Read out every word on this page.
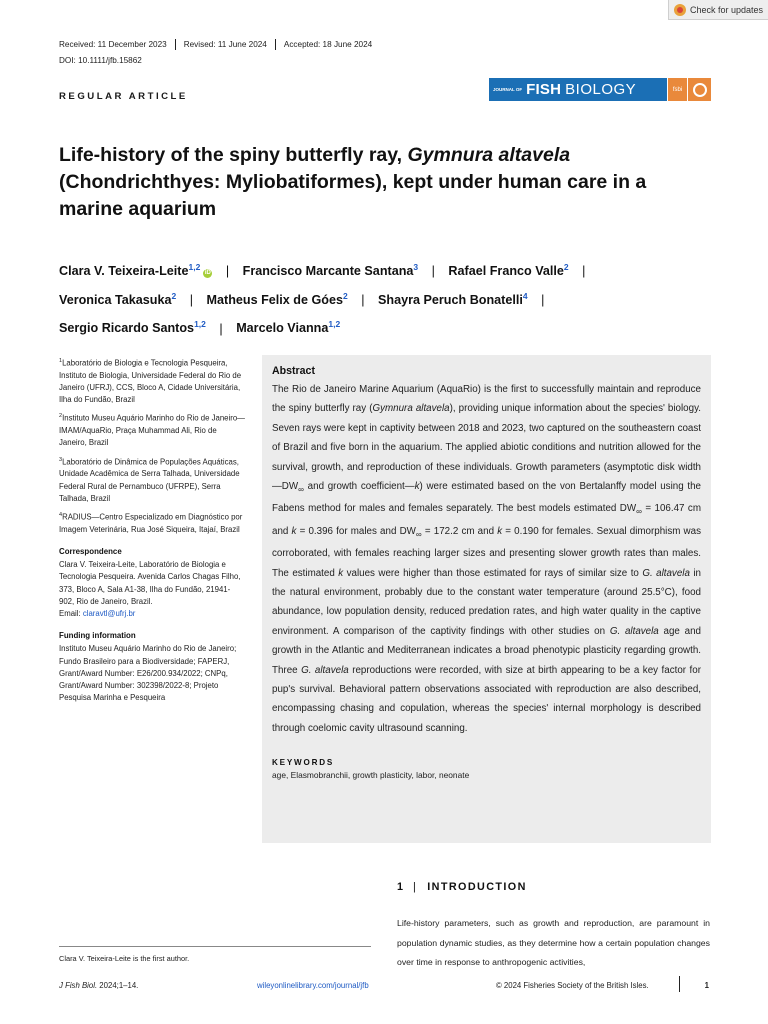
Check for updates
Received: 11 December 2023	Revised: 11 June 2024	Accepted: 18 June 2024
DOI: 10.1111/jfb.15862
REGULAR ARTICLE
JOURNAL OF FISH BIOLOGY	fsbi
Life-history of the spiny butterfly ray, Gymnura altavela (Chondrichthyes: Myliobatiformes), kept under human care in a marine aquarium
Clara V. Teixeira-Leite$^{1,2}$iD | Francisco Marcante Santana$^3$ | Rafael Franco Valle$^2$ |
Veronica Takasuka$^2$ | Matheus Felix de Góes$^2$ | Shayra Peruch Bonatelli$^4$ |
Sergio Ricardo Santos$^{1,2}$ | Marcelo Vianna$^{1,2}$
$^1$Laboratório de Biologia e Tecnologia Pesqueira, Instituto de Biologia, Universidade Federal do Rio de Janeiro (UFRJ), CCS, Bloco A, Cidade Universitária, Ilha do Fundão, Brazil
$^2$Instituto Museu Aquário Marinho do Rio de Janeiro—IMAM/AquaRio, Praça Muhammad Ali, Rio de Janeiro, Brazil
$^3$Laboratório de Dinâmica de Populações Aquáticas, Unidade Acadêmica de Serra Talhada, Universidade Federal Rural de Pernambuco (UFRPE), Serra Talhada, Brazil
$^4$RADIUS—Centro Especializado em Diagnóstico por Imagem Veterinária, Rua José Siqueira, Itajaí, Brazil
Correspondence
Clara V. Teixeira-Leite, Laboratório de Biologia e Tecnologia Pesqueira. Avenida Carlos Chagas Filho, 373, Bloco A, Sala A1-38, Ilha do Fundão, 21941-902, Rio de Janeiro, Brazil.
Email: claravtl@ufrj.br
Funding information
Instituto Museu Aquário Marinho do Rio de Janeiro; Fundo Brasileiro para a Biodiversidade; FAPERJ, Grant/Award Number: E26/200.934/2022; CNPq, Grant/Award Number: 302398/2022-8; Projeto Pesquisa Marinha e Pesqueira
Abstract

The Rio de Janeiro Marine Aquarium (AquaRio) is the first to successfully maintain and reproduce the spiny butterfly ray (Gymnura altavela), providing unique information about the species' biology. Seven rays were kept in captivity between 2018 and 2023, two captured on the southeastern coast of Brazil and five born in the aquarium. The applied abiotic conditions and nutrition allowed for the survival, growth, and reproduction of these individuals. Growth parameters (asymptotic disk $width—DW_\infty$ and growth coefficient—k) were estimated based on the von Bertalanffy model using the Fabens method for males and females separately. The best models estimated $DW_\infty = 106.47$ cm and k = 0.396 for males and $DW_\infty = 172.2$ cm and k = 0.190 for females. Sexual dimorphism was corroborated, with females reaching larger sizes and presenting slower growth rates than males. The estimated k values were higher than those estimated for rays of similar size to G. altavela in the natural environment, probably due to the constant water temperature (around 25.5°C), food abundance, low population density, reduced predation rates, and high water quality in the captive environment. A comparison of the captivity findings with other studies on G. altavela age and growth in the Atlantic and Mediterranean indicates a broad phenotypic plasticity regarding growth. Three G. altavela reproductions were recorded, with size at birth appearing to be a key factor for pup's survival. Behavioral pattern observations associated with reproduction are also described, encompassing chasing and copulation, whereas the species' internal morphology is described through coelomic cavity ultrasound scanning.

KEYWORDS
age, Elasmobranchii, growth plasticity, labor, neonate
1 | INTRODUCTION

Life-history parameters, such as growth and reproduction, are paramount in population dynamic studies, as they determine how a certain population changes over time in response to anthropogenic activities,

Clara V. Teixeira-Leite is the first author.
J Fish Biol. 2024;1–14.	wileyonlinelibrary.com/journal/jfb	© 2024 Fisheries Society of the British Isles.	1
